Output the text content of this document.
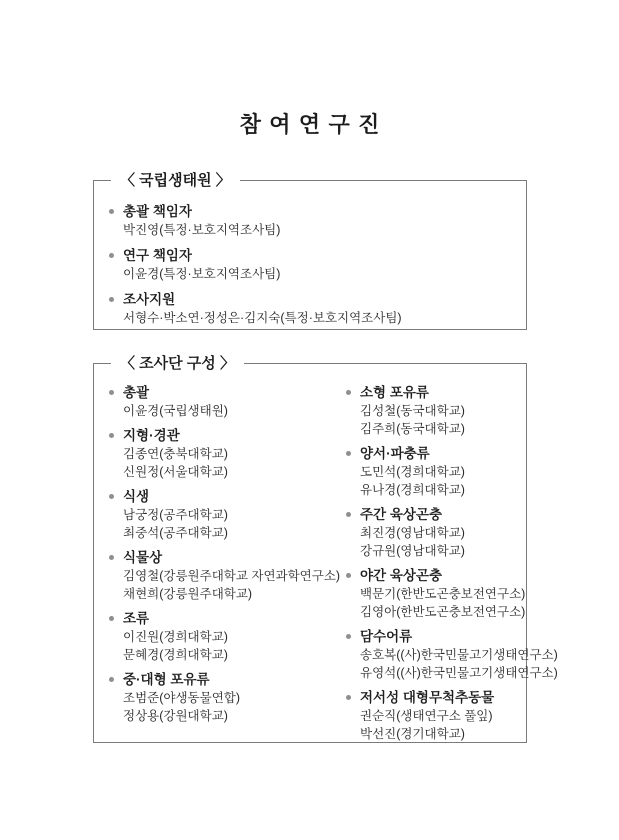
참여연구진
〈 국립생태원 〉
총괄 책임자
박진영(특정·보호지역조사팀)
연구 책임자
이윤경(특정·보호지역조사팀)
조사지원
서형수·박소연·정성은·김지숙(특정·보호지역조사팀)
〈 조사단 구성 〉
총괄
이윤경(국립생태원)
지형·경관
김종연(충북대학교)
신원정(서울대학교)
식생
남궁정(공주대학교)
최중석(공주대학교)
식물상
김영철(강릉원주대학교 자연과학연구소)
채현희(강릉원주대학교)
조류
이진원(경희대학교)
문혜경(경희대학교)
중·대형 포유류
조범준(야생동물연합)
정상용(강원대학교)
소형 포유류
김성철(동국대학교)
김주희(동국대학교)
양서·파충류
도민석(경희대학교)
유나경(경희대학교)
주간 육상곤충
최진경(영남대학교)
강규원(영남대학교)
야간 육상곤충
백문기(한반도곤충보전연구소)
김영아(한반도곤충보전연구소)
담수어류
송호복((사)한국민물고기생태연구소)
유영석((사)한국민물고기생태연구소)
저서성 대형무척추동물
권순직(생태연구소 풀잎)
박선진(경기대학교)
